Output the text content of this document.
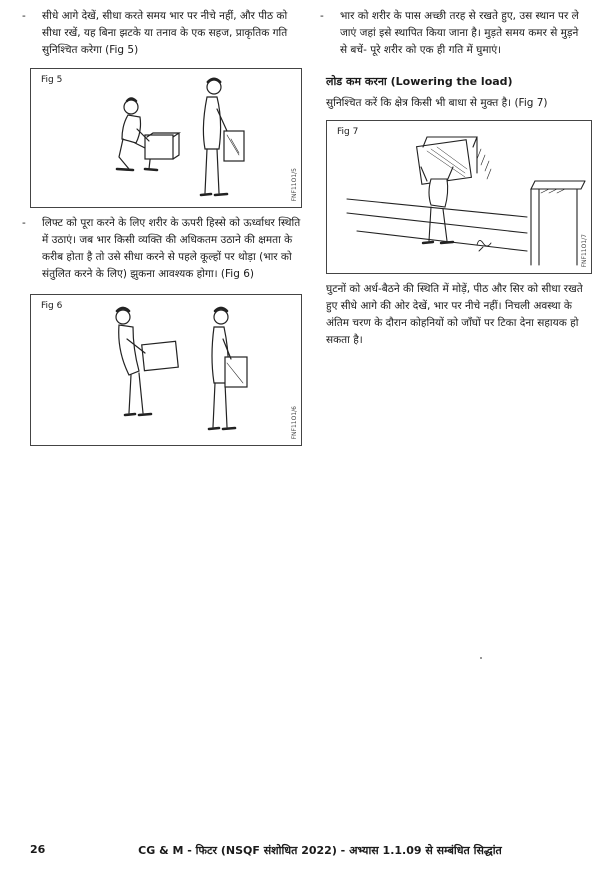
- सीधे आगे देखें, सीधा करते समय भार पर नीचे नहीं, और पीठ को सीधा रखें, यह बिना झटके या तनाव के एक सहज, प्राकृतिक गति सुनिश्चित करेगा (Fig 5)
Fig 5
FNF11O1/5
- लिफ्ट को पूरा करने के लिए शरीर के ऊपरी हिस्से को ऊर्ध्वाधर स्थिति में उठाएं। जब भार किसी व्यक्ति की अधिकतम उठाने की क्षमता के करीब होता है तो उसे सीधा करने से पहले कूल्हों पर थोड़ा (भार को संतुलित करने के लिए) झुकना आवश्यक होगा। (Fig 6)
Fig 6
FNF11O1/6
- भार को शरीर के पास अच्छी तरह से रखते हुए, उस स्थान पर ले जाएं जहां इसे स्थापित किया जाना है। मुड़ते समय कमर से मुड़ने से बचें- पूरे शरीर को एक ही गति में घुमाएं।
लोड कम करना (Lowering the load)
सुनिश्चित करें कि क्षेत्र किसी भी बाधा से मुक्त है। (Fig 7)
Fig 7
FNF11O1/7
घुटनों को अर्ध-बैठने की स्थिति में मोड़ें, पीठ और सिर को सीधा रखते हुए सीधे आगे की ओर देखें, भार पर नीचे नहीं। निचली अवस्था के अंतिम चरण के दौरान कोहनियों को जाँघों पर टिका देना सहायक हो सकता है।
26	CG & M - फिटर (NSQF संशोधित 2022) - अभ्यास 1.1.09 से सम्बंधित सिद्धांत
